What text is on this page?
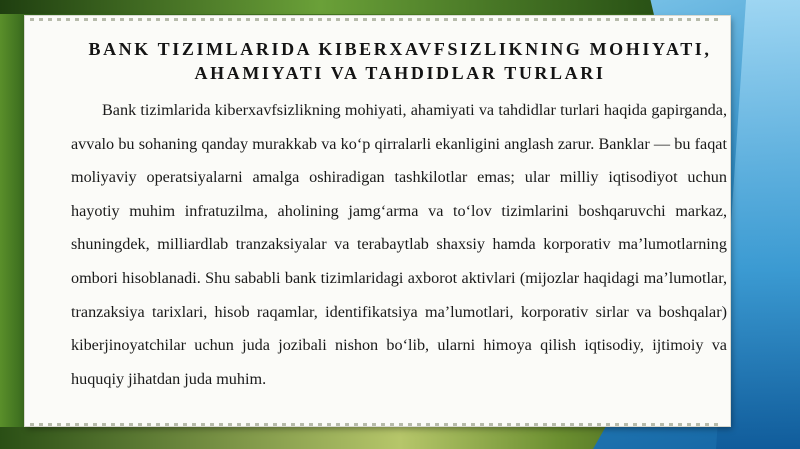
BANK TIZIMLARIDA KIBERXAVFSIZLIKNING MOHIYATI,
AHAMIYATI VA TAHDIDLAR TURLARI

Bank tizimlarida kiberxavfsizlikning mohiyati, ahamiyati va tahdidlar turlari haqida gapirganda, avvalo bu sohaning qanday murakkab va ko‘p qirralarli ekanligini anglash zarur. Banklar — bu faqat moliyaviy operatsiyalarni amalga oshiradigan tashkilotlar emas; ular milliy iqtisodiyot uchun hayotiy muhim infratuzilma, aholining jamg‘arma va to‘lov tizimlarini boshqaruvchi markaz, shuningdek, milliardlab tranzaksiyalar va terabaytlab shaxsiy hamda korporativ ma’lumotlarning ombori hisoblanadi. Shu sababli bank tizimlaridagi axborot aktivlari (mijozlar haqidagi ma’lumotlar, tranzaksiya tarixlari, hisob raqamlar, identifikatsiya ma’lumotlari, korporativ sirlar va boshqalar) kiberjinoyatchilar uchun juda jozibali nishon bo‘lib, ularni himoya qilish iqtisodiy, ijtimoiy va huquqiy jihatdan juda muhim.
